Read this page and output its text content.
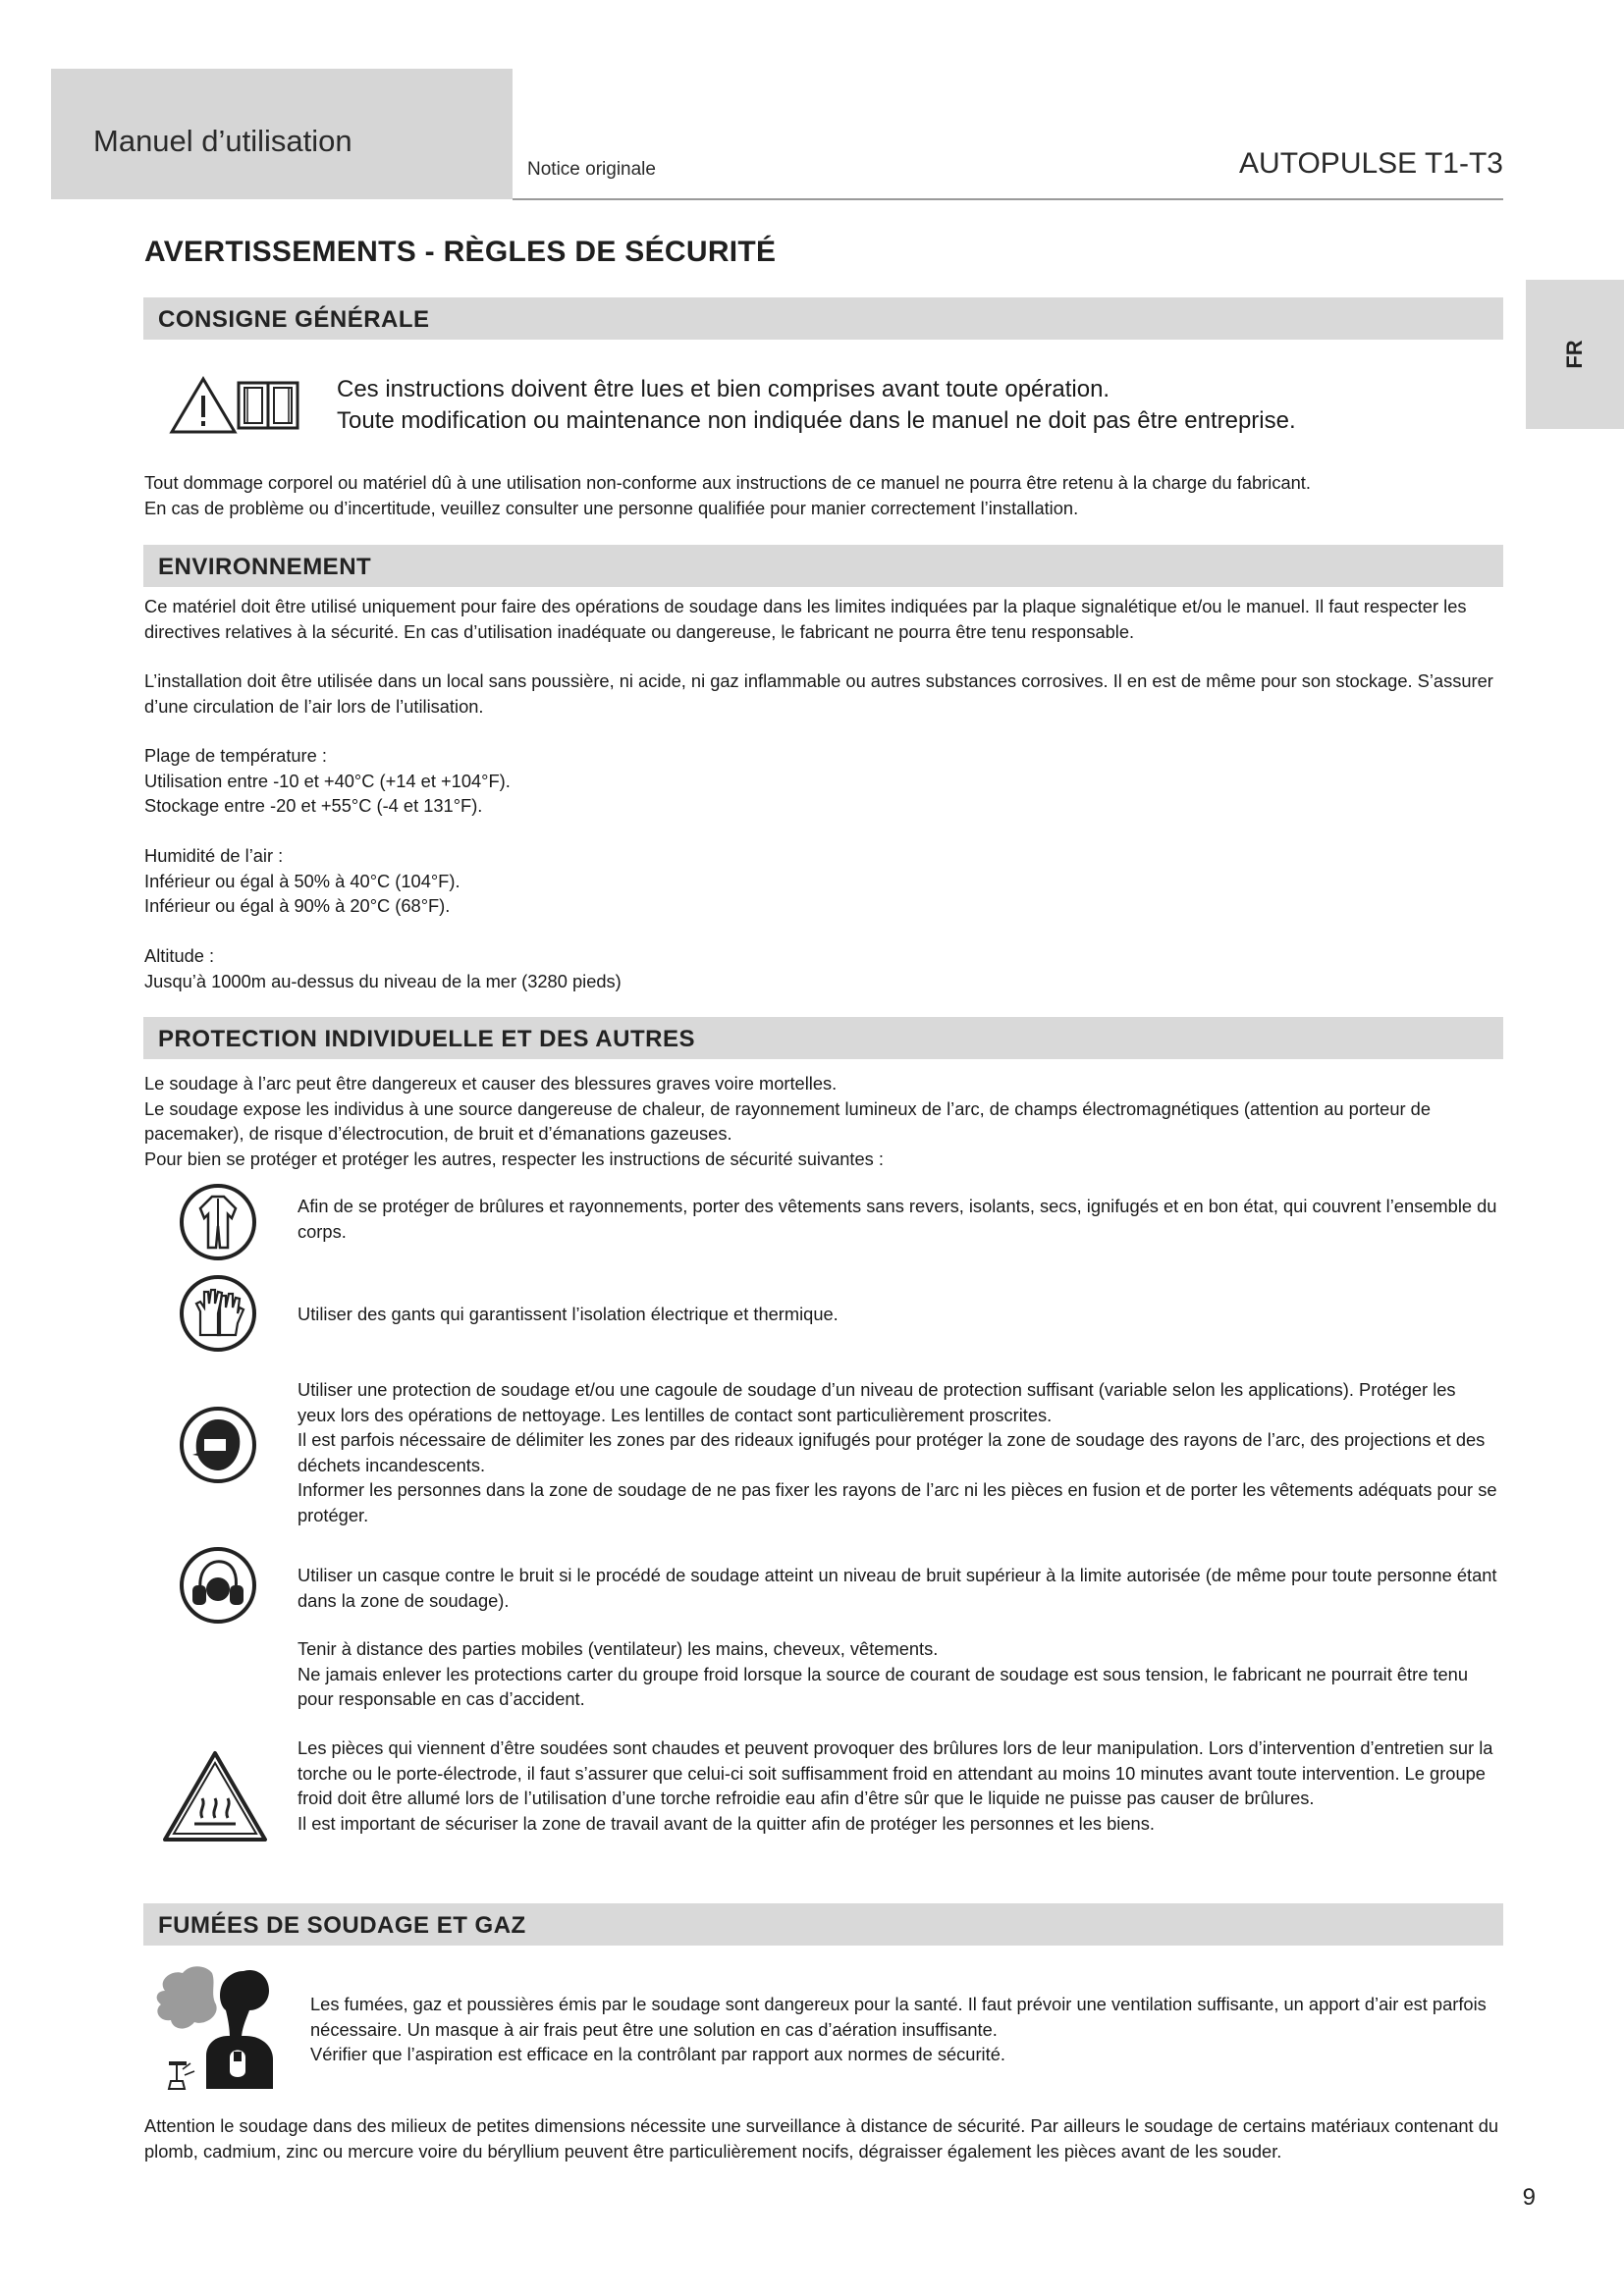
Manuel d’utilisation
Notice originale	AUTOPULSE T1-T3
FR
AVERTISSEMENTS - RÈGLES DE SÉCURITÉ
CONSIGNE GÉNÉRALE

Ces instructions doivent être lues et bien comprises avant toute opération.

Toute modification ou maintenance non indiquée dans le manuel ne doit pas être entreprise.

Tout dommage corporel ou matériel dû à une utilisation non-conforme aux instructions de ce manuel ne pourra être retenu à la charge du fabricant.

En cas de problème ou d’incertitude, veuillez consulter une personne qualifiée pour manier correctement l’installation.

ENVIRONNEMENT

Ce matériel doit être utilisé uniquement pour faire des opérations de soudage dans les limites indiquées par la plaque signalétique et/ou le manuel. Il faut respecter les directives relatives à la sécurité. En cas d’utilisation inadéquate ou dangereuse, le fabricant ne pourra être tenu responsable.

L’installation doit être utilisée dans un local sans poussière, ni acide, ni gaz inflammable ou autres substances corrosives. Il en est de même pour son stockage. S’assurer d’une circulation de l’air lors de l’utilisation.

Plage de température :

Utilisation entre -10 et +40°C (+14 et +104°F).

Stockage entre -20 et +55°C (-4 et 131°F).

Humidité de l’air :

Inférieur ou égal à 50% à 40°C (104°F).

Inférieur ou égal à 90% à 20°C (68°F).

Altitude :

Jusqu’à 1000m au-dessus du niveau de la mer (3280 pieds)

PROTECTION INDIVIDUELLE ET DES AUTRES

Le soudage à l’arc peut être dangereux et causer des blessures graves voire mortelles.

Le soudage expose les individus à une source dangereuse de chaleur, de rayonnement lumineux de l’arc, de champs électromagnétiques (attention au porteur de pacemaker), de risque d’électrocution, de bruit et d’émanations gazeuses.

Pour bien se protéger et protéger les autres, respecter les instructions de sécurité suivantes :

Afin de se protéger de brûlures et rayonnements, porter des vêtements sans revers, isolants, secs, ignifugés et en bon état, qui couvrent l’ensemble du corps.

Utiliser des gants qui garantissent l’isolation électrique et thermique.

Utiliser une protection de soudage et/ou une cagoule de soudage d’un niveau de protection suffisant (variable selon les applications). Protéger les yeux lors des opérations de nettoyage. Les lentilles de contact sont particulièrement proscrites.

Il est parfois nécessaire de délimiter les zones par des rideaux ignifugés pour protéger la zone de soudage des rayons de l’arc, des projections et des déchets incandescents.

Informer les personnes dans la zone de soudage de ne pas fixer les rayons de l’arc ni les pièces en fusion et de porter les vêtements adéquats pour se protéger.

Utiliser un casque contre le bruit si le procédé de soudage atteint un niveau de bruit supérieur à la limite autorisée (de même pour toute personne étant dans la zone de soudage).

Tenir à distance des parties mobiles (ventilateur) les mains, cheveux, vêtements.

Ne jamais enlever les protections carter du groupe froid lorsque la source de courant de soudage est sous tension, le fabricant ne pourrait être tenu pour responsable en cas d’accident.

Les pièces qui viennent d’être soudées sont chaudes et peuvent provoquer des brûlures lors de leur manipulation. Lors d’intervention d’entretien sur la torche ou le porte-électrode, il faut s’assurer que celui-ci soit suffisamment froid en attendant au moins 10 minutes avant toute intervention. Le groupe froid doit être allumé lors de l’utilisation d’une torche refroidie eau afin d’être sûr que le liquide ne puisse pas causer de brûlures.

Il est important de sécuriser la zone de travail avant de la quitter afin de protéger les personnes et les biens.

FUMÉES DE SOUDAGE ET GAZ

Les fumées, gaz et poussières émis par le soudage sont dangereux pour la santé. Il faut prévoir une ventilation suffisante, un apport d’air est parfois nécessaire. Un masque à air frais peut être une solution en cas d’aération insuffisante.

Vérifier que l’aspiration est efficace en la contrôlant par rapport aux normes de sécurité.

Attention le soudage dans des milieux de petites dimensions nécessite une surveillance à distance de sécurité. Par ailleurs le soudage de certains matériaux contenant du plomb, cadmium, zinc ou mercure voire du béryllium peuvent être particulièrement nocifs, dégraisser également les pièces avant de les souder.

9
